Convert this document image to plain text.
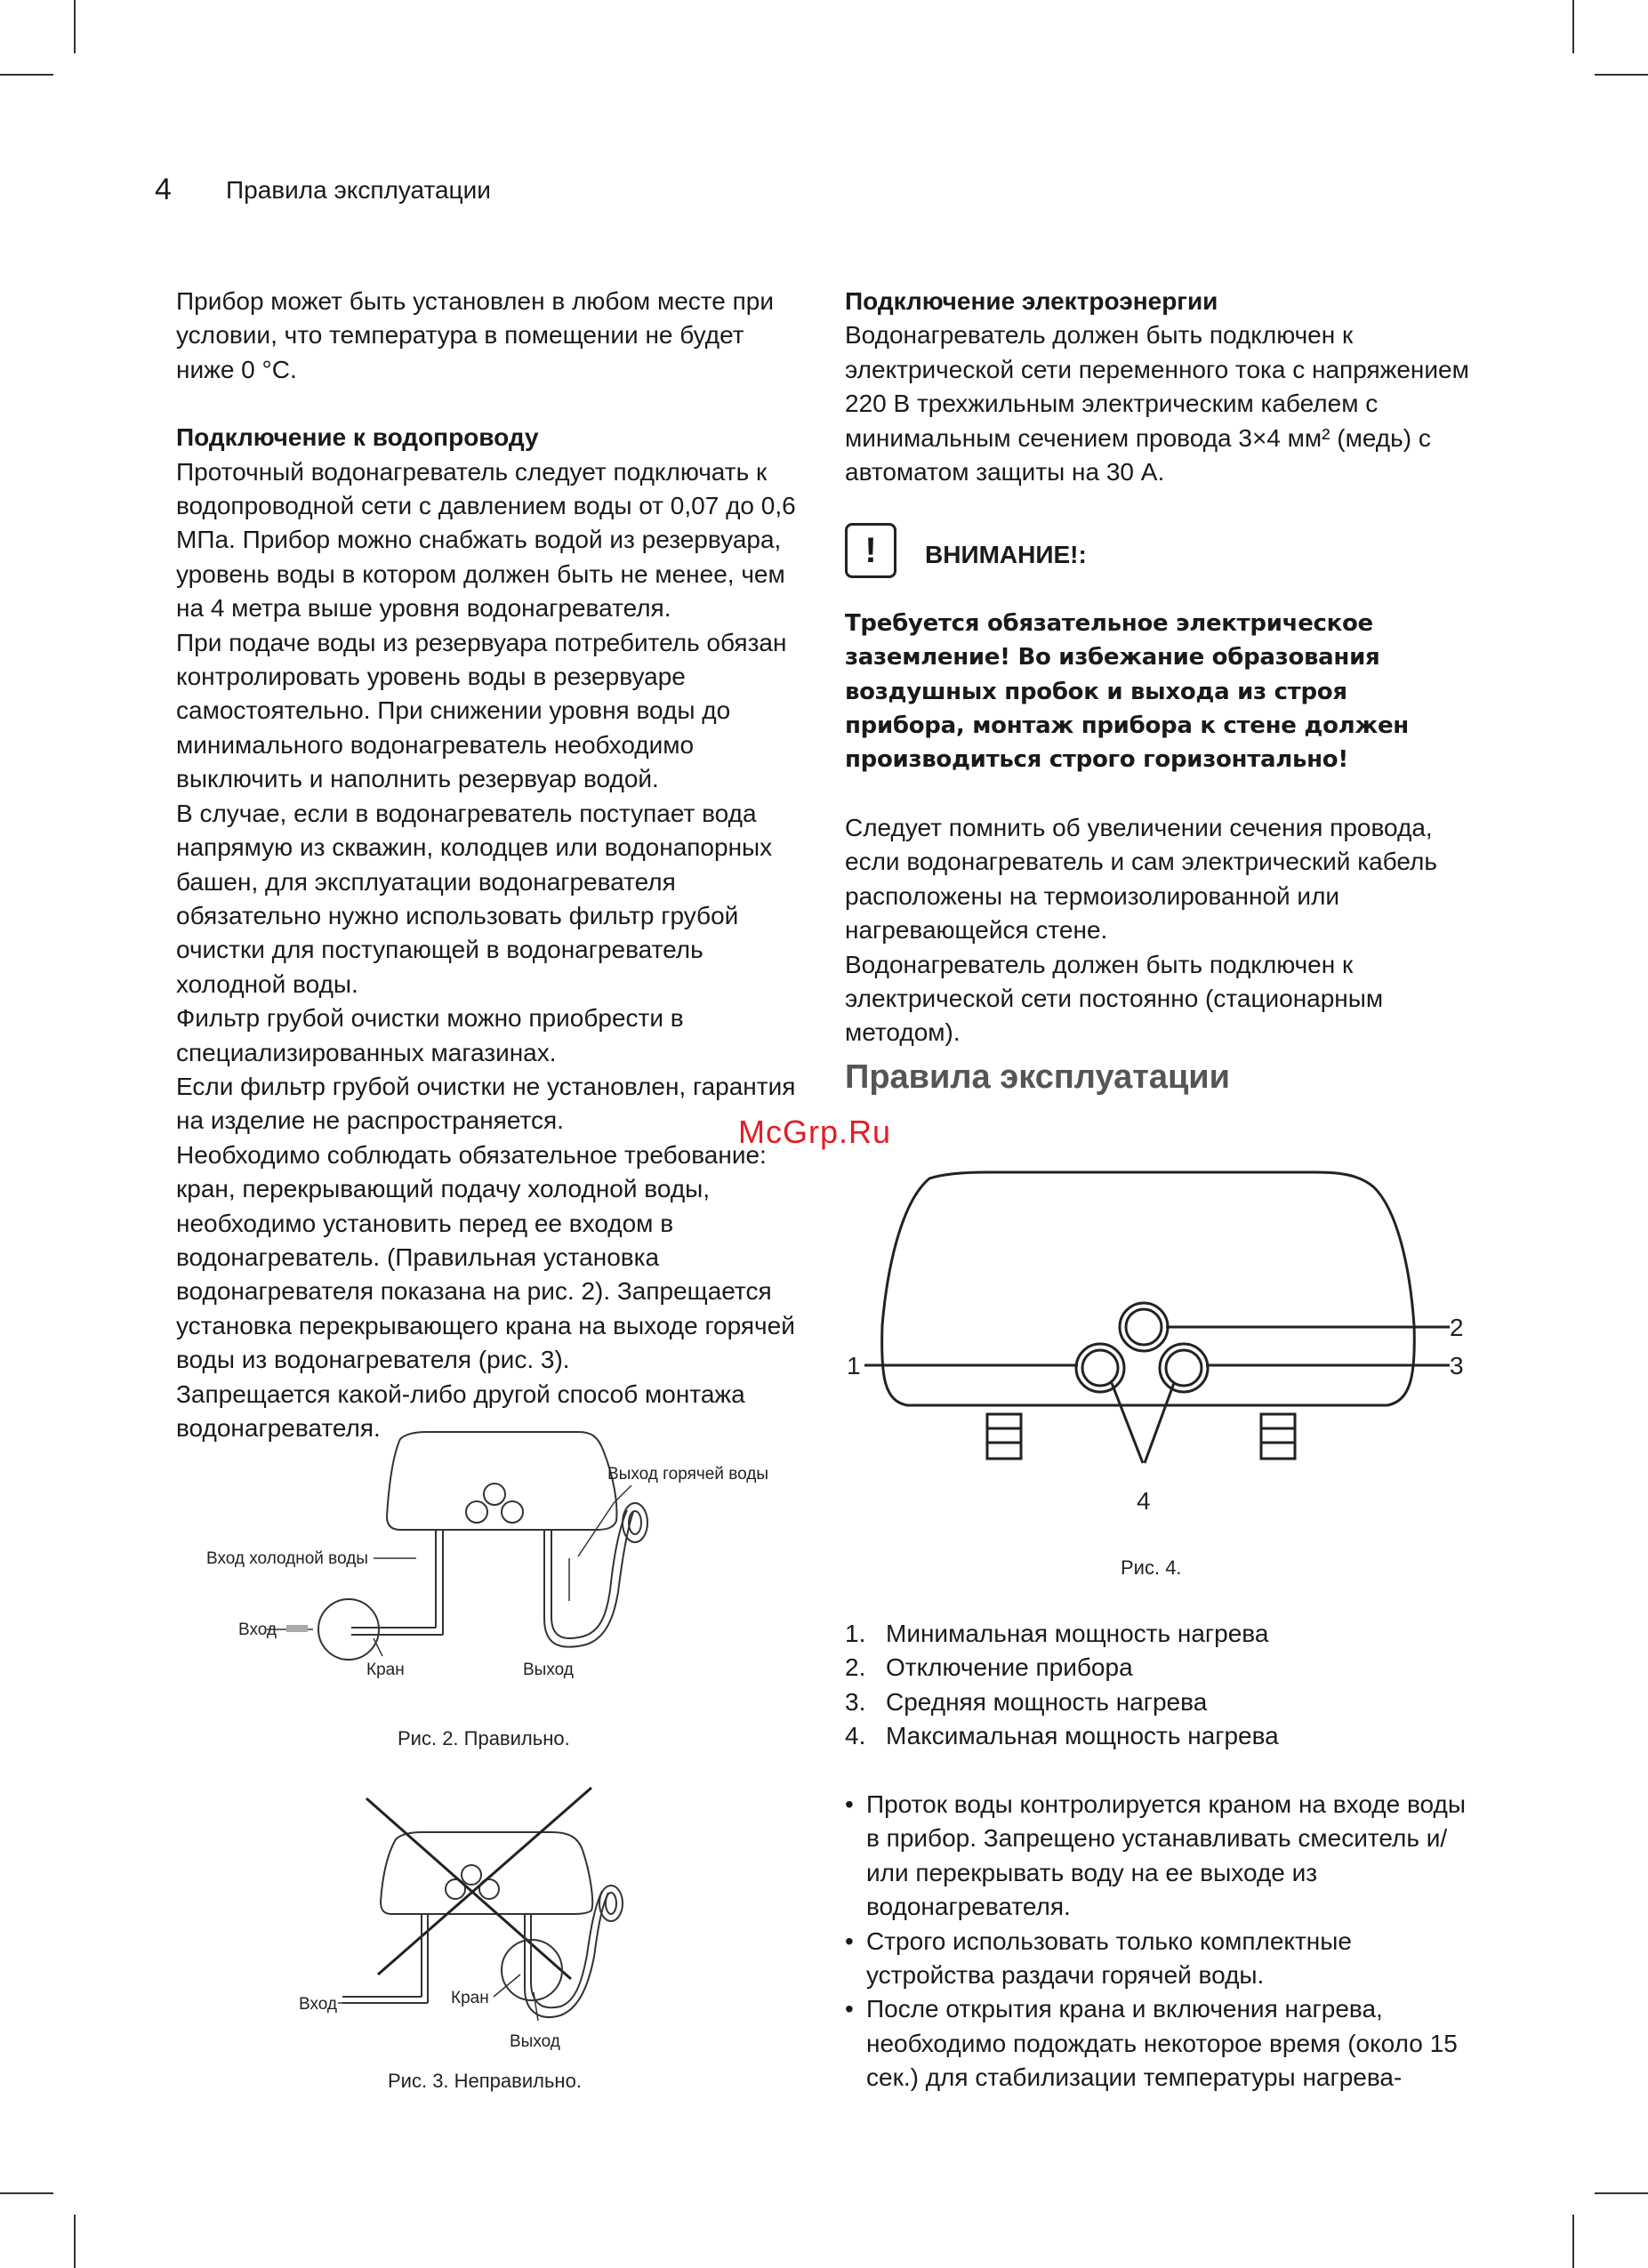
4 Правила эксплуатации

Прибор может быть установлен в любом месте при условии, что температура в помещении не будет ниже 0 °С.

Подключение к водопроводу

Проточный водонагреватель следует подключать к водопроводной сети с давлением воды от 0,07 до 0,6 МПа. Прибор можно снабжать водой из резервуара, уровень воды в котором должен быть не менее, чем на 4 метра выше уровня водонагревателя.

При подаче воды из резервуара потребитель обязан контролировать уровень воды в резервуаре самостоятельно. При снижении уровня воды до минимального водонагреватель необходимо выключить и наполнить резервуар водой.

В случае, если в водонагреватель поступает вода напрямую из скважин, колодцев или водонапорных башен, для эксплуатации водонагревателя обязательно нужно использовать фильтр грубой очистки для поступающей в водонагреватель холодной воды.

Фильтр грубой очистки можно приобрести в специализированных магазинах.

Если фильтр грубой очистки не установлен, гарантия на изделие не распространяется.

Необходимо соблюдать обязательное требование: кран, перекрывающий подачу холодной воды, необходимо установить перед ее входом в водонагреватель. (Правильная установка водонагревателя показана на рис. 2). Запрещается установка перекрывающего крана на выходе горячей воды из водонагревателя (рис. 3).

Запрещается какой-либо другой способ монтажа водонагревателя.

Подключение электроэнергии

Водонагреватель должен быть подключен к электрической сети переменного тока с напряжением 220 В трехжильным электрическим кабелем с минимальным сечением провода 3×4 мм² (медь) с автоматом защиты на 30 А.

ВНИМАНИЕ!:

Требуется обязательное электрическое заземление! Во избежание образования воздушных пробок и выхода из строя прибора, монтаж прибора к стене должен производиться строго горизонтально!

Следует помнить об увеличении сечения провода, если водонагреватель и сам электрический кабель расположены на термоизолированной или нагревающейся стене.

Водонагреватель должен быть подключен к электрической сети постоянно (стационарным методом).

!
Правила эксплуатации
McGrp.Ru
1
2
3
4
Рис. 4.
Выход горячей воды
Вход холодной воды
Вход
Кран	Выход
Рис. 2. Правильно.
Вход	Кран
Выход
Рис. 3. Неправильно.
1. Минимальная мощность нагрева
2. Отключение прибора
3. Средняя мощность нагрева
4. Максимальная мощность нагрева
• Проток воды контролируется краном на входе воды в прибор. Запрещено устанавливать смеситель и/или перекрывать воду на ее выходе из водонагревателя.
• Строго использовать только комплектные устройства раздачи горячей воды.
• После открытия крана и включения нагрева, необходимо подождать некоторое время (около 15 сек.) для стабилизации температуры нагрева-
